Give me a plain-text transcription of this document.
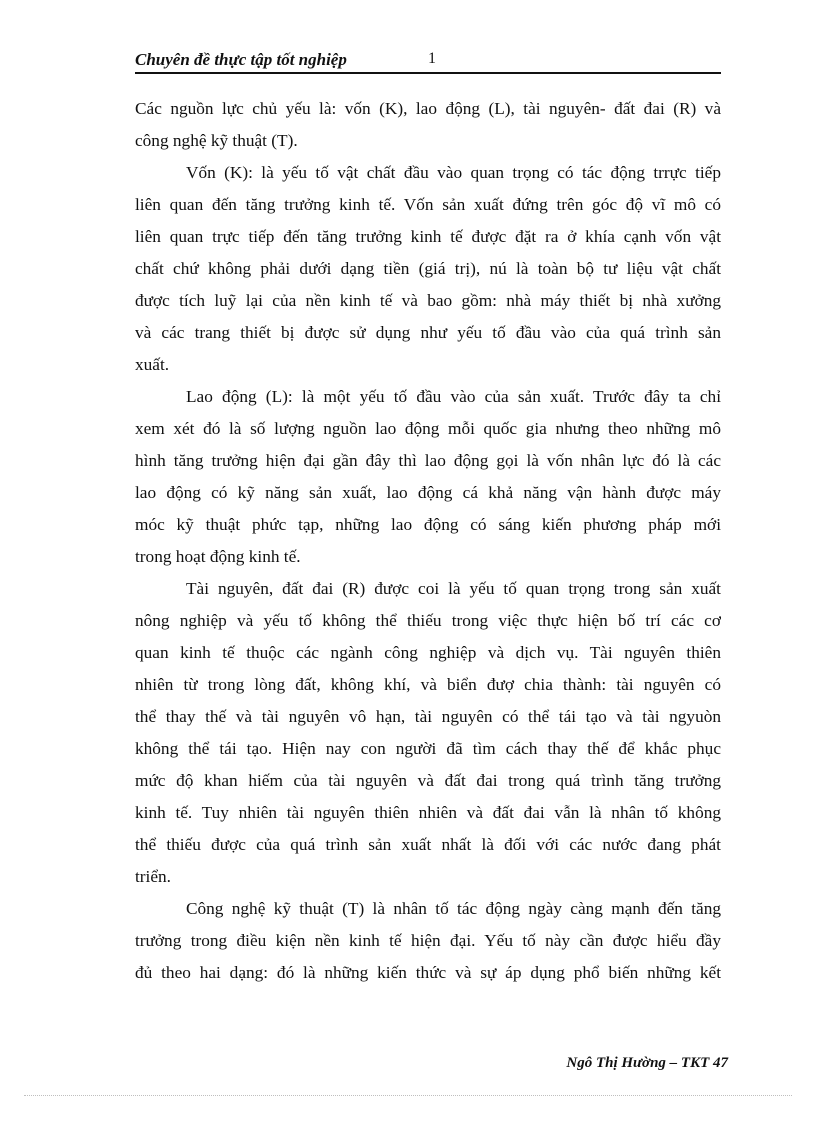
Chuyên đề thực tập tốt nghiệp	1
Các nguồn lực chủ yếu là: vốn (K), lao động (L), tài nguyên- đất đai (R) và
công nghệ kỹ thuật (T).
Vốn (K): là yếu tố vật chất đầu vào quan trọng có tác động trrực tiếp
liên quan đến tăng trưởng kinh tế. Vốn sản xuất đứng trên góc độ vĩ mô có
liên quan trực tiếp đến tăng trưởng kinh tế được đặt ra ở khía cạnh vốn vật
chất chứ không phải dưới dạng tiền (giá trị), nú là toàn bộ tư liệu vật chất
được tích luỹ lại của nền kinh tế và bao gồm: nhà máy thiết bị nhà xưởng
và các trang thiết bị được sử dụng như yếu tố đầu vào của quá trình sản
xuất.
Lao động (L): là một yếu tố đầu vào của sản xuất. Trước đây ta chỉ
xem xét đó là số lượng nguồn lao động mỗi quốc gia nhưng theo những mô
hình tăng trưởng hiện đại gần đây thì lao động gọi là vốn nhân lực đó là các
lao động có kỹ năng sản xuất, lao động cá khả năng vận hành được máy
móc kỹ thuật phức tạp, những lao động có sáng kiến phương pháp mới
trong hoạt động kinh tế.
Tài nguyên, đất đai (R) được coi là yếu tố quan trọng trong sản xuất
nông nghiệp và yếu tố không thể thiếu trong việc thực hiện bố trí các cơ
quan kinh tế thuộc các ngành công nghiệp và dịch vụ. Tài nguyên thiên
nhiên từ trong lòng đất, không khí, và biển đượ chia thành: tài nguyên có
thể thay thế và tài nguyên vô hạn, tài nguyên có thể tái tạo và tài ngyuòn
không thể tái tạo. Hiện nay con người đã tìm cách thay thế để khắc phục
mức độ khan hiếm của tài nguyên và đất đai trong quá trình tăng trưởng
kinh tế. Tuy nhiên tài nguyên thiên nhiên và đất đai vẫn là nhân tố không
thể thiếu được của quá trình sản xuất nhất là đối với các nước đang phát
triển.
Công nghệ kỹ thuật (T) là nhân tố tác động ngày càng mạnh đến tăng
trưởng trong điều kiện nền kinh tế hiện đại. Yếu tố này cần được hiểu đầy
đủ theo hai dạng: đó là những kiến thức và sự áp dụng phổ biến những kết
Ngô Thị Hường – TKT 47
